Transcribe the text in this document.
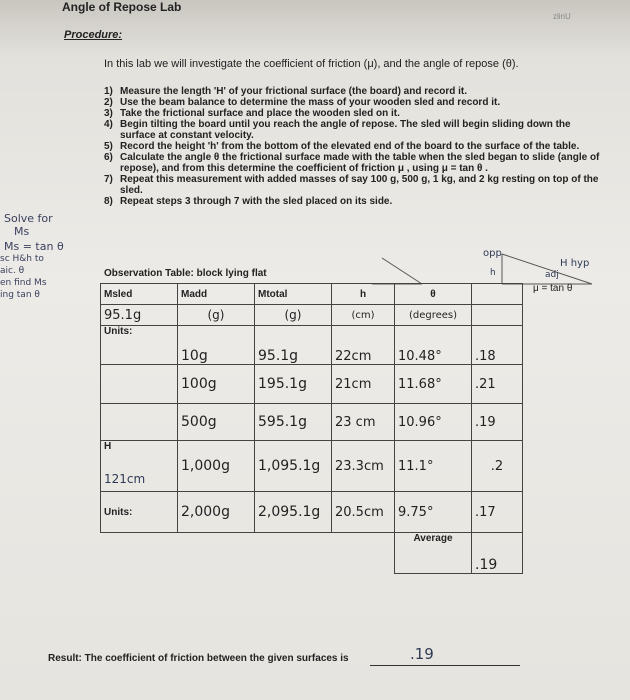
Angle of Repose Lab
zlinU
Procedure:
In this lab we will investigate the coefficient of friction (μ), and the angle of repose (θ).
1) Measure the length 'H' of your frictional surface (the board) and record it.
2) Use the beam balance to determine the mass of your wooden sled and record it.
3) Take the frictional surface and place the wooden sled on it.
4) Begin tilting the board until you reach the angle of repose. The sled will begin sliding down the surface at constant velocity.
5) Record the height 'h' from the bottom of the elevated end of the board to the surface of the table.
6) Calculate the angle θ the frictional surface made with the table when the sled began to slide (angle of repose), and from this determine the coefficient of friction μ , using μ = tan θ .
7) Repeat this measurement with added masses of say 100 g, 500 g, 1 kg, and 2 kg resting on top of the sled.
8) Repeat steps 3 through 7 with the sled placed on its side.
Solve for
Ms
Ms = tan θ
sc H&h to
aic. θ
en find Ms
ing tan θ
opp
H hyp
h	adj
μ = tan θ
Observation Table: block lying flat
Msled	Madd	Mtotal	h	θ	
95.1g	(g)	(g)	(cm)	(degrees)	
Units:	10g	95.1g	22cm	10.48°	.18
	100g	195.1g	21cm	11.68°	.21
	500g	595.1g	23 cm	10.96°	.19

H
121cm	1,000g	1,095.1g	23.3cm	11.1°	.2
Units:	2,000g	2,095.1g	20.5cm	9.75°	.17
				Average	.19
Result: The coefficient of friction between the given surfaces is	.19
